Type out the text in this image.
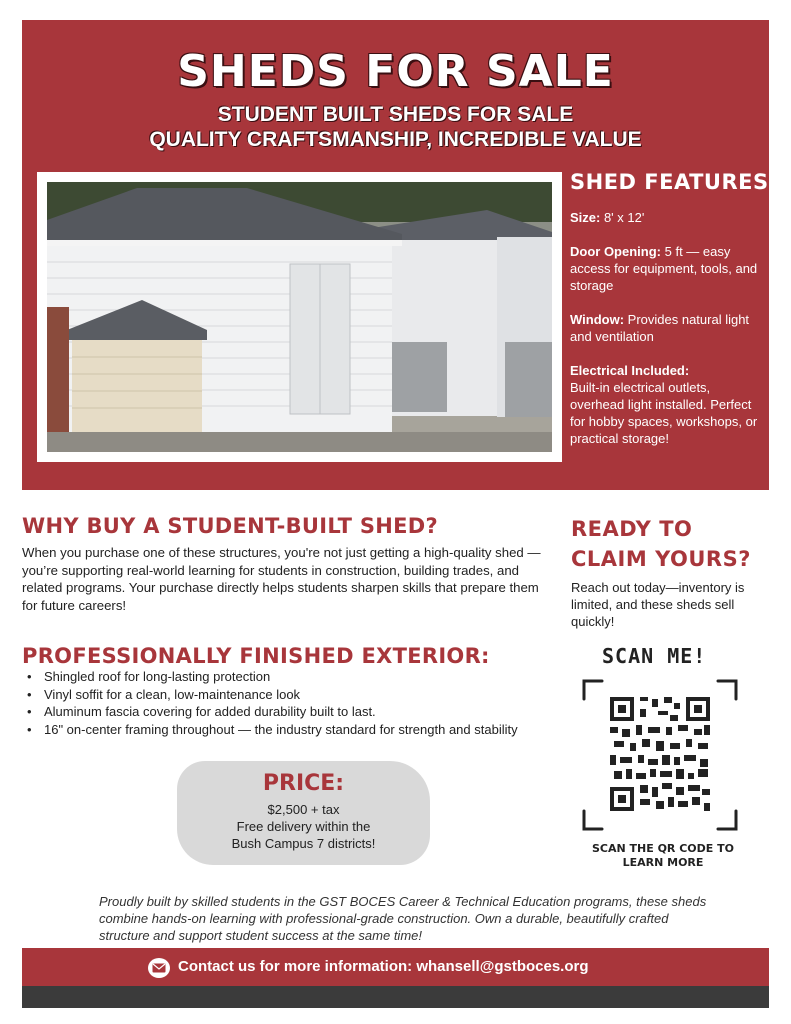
SHEDS FOR SALE
STUDENT BUILT SHEDS FOR SALE
QUALITY CRAFTSMANSHIP, INCREDIBLE VALUE
SHED FEATURES:
Size: 8' x 12'
Door Opening: 5 ft — easy access for equipment, tools, and storage
Window: Provides natural light and ventilation
Electrical Included:
Built-in electrical outlets, overhead light installed. Perfect for hobby spaces, workshops, or practical storage!
WHY BUY A STUDENT-BUILT SHED?
When you purchase one of these structures, you're not just getting a high-quality shed — you’re supporting real-world learning for students in construction, building trades, and related programs. Your purchase directly helps students sharpen skills that prepare them for future careers!
READY TO
CLAIM YOURS?
Reach out today—inventory is limited, and these sheds sell quickly!
PROFESSIONALLY FINISHED EXTERIOR:
• Shingled roof for long-lasting protection
• Vinyl soffit for a clean, low-maintenance look
• Aluminum fascia covering for added durability built to last.
• 16" on-center framing throughout — the industry standard for strength and stability
PRICE:
$2,500 + tax
Free delivery within the
Bush Campus 7 districts!
SCAN ME!
SCAN THE QR CODE TO
LEARN MORE
Proudly built by skilled students in the GST BOCES Career & Technical Education programs, these sheds combine hands-on learning with professional-grade construction. Own a durable, beautifully crafted structure and support student success at the same time!
Contact us for more information: whansell@gstboces.org
